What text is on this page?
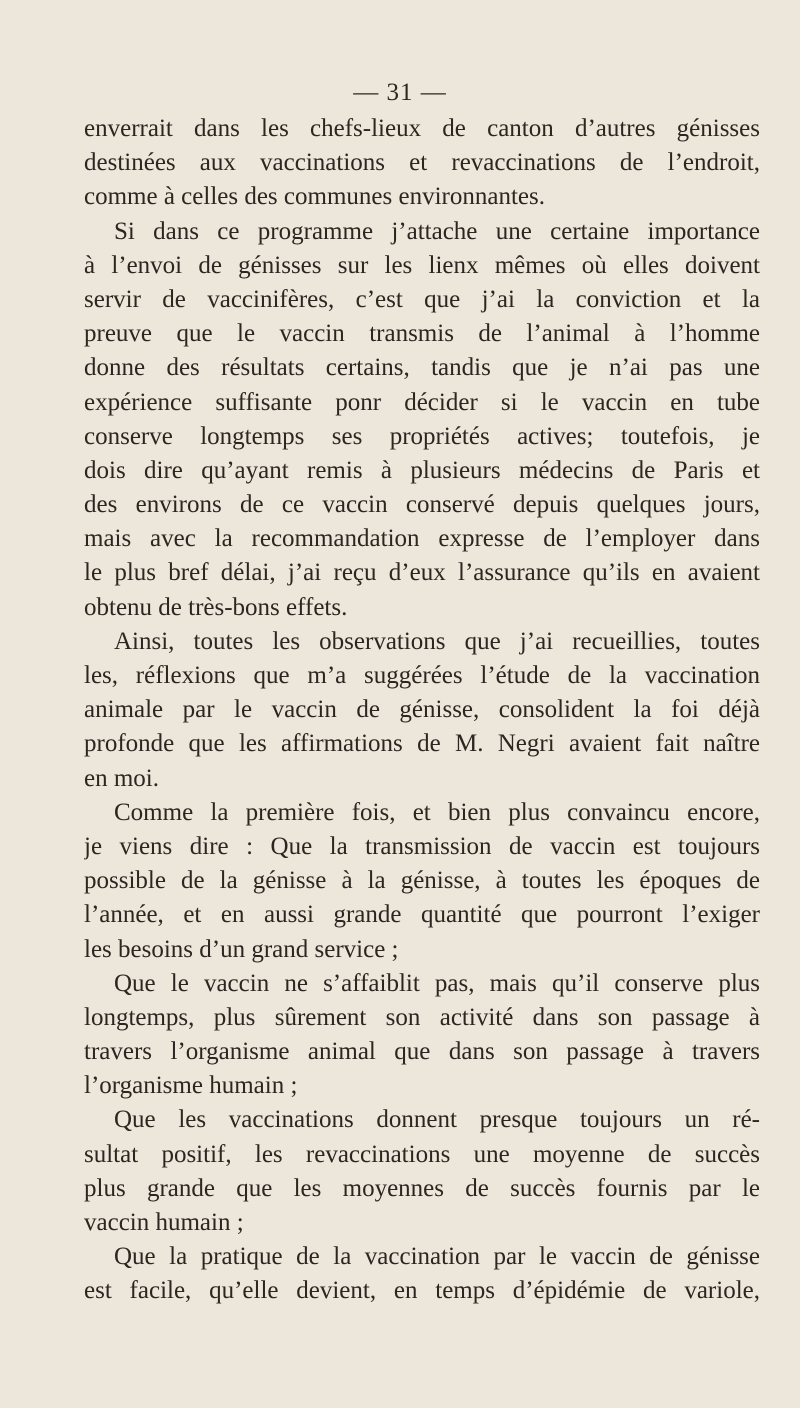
— 31 —
enverrait dans les chefs-lieux de canton d’autres génisses
destinées aux vaccinations et revaccinations de l’endroit,
comme à celles des communes environnantes.
Si dans ce programme j’attache une certaine importance
à l’envoi de génisses sur les lienx mêmes où elles doivent
servir de vaccinifères, c’est que j’ai la conviction et la
preuve que le vaccin transmis de l’animal à l’homme
donne des résultats certains, tandis que je n’ai pas une
expérience suffisante ponr décider si le vaccin en tube
conserve longtemps ses propriétés actives; toutefois, je
dois dire qu’ayant remis à plusieurs médecins de Paris et
des environs de ce vaccin conservé depuis quelques jours,
mais avec la recommandation expresse de l’employer dans
le plus bref délai, j’ai reçu d’eux l’assurance qu’ils en avaient
obtenu de très-bons effets.
Ainsi, toutes les observations que j’ai recueillies, toutes
les, réflexions que m’a suggérées l’étude de la vaccination
animale par le vaccin de génisse, consolident la foi déjà
profonde que les affirmations de M. Negri avaient fait naître
en moi.
Comme la première fois, et bien plus convaincu encore,
je viens dire : Que la transmission de vaccin est toujours
possible de la génisse à la génisse, à toutes les époques de
l’année, et en aussi grande quantité que pourront l’exiger
les besoins d’un grand service ;
Que le vaccin ne s’affaiblit pas, mais qu’il conserve plus
longtemps, plus sûrement son activité dans son passage à
travers l’organisme animal que dans son passage à travers
l’organisme humain ;
Que les vaccinations donnent presque toujours un ré-
sultat positif, les revaccinations une moyenne de succès
plus grande que les moyennes de succès fournis par le
vaccin humain ;
Que la pratique de la vaccination par le vaccin de génisse
est facile, qu’elle devient, en temps d’épidémie de variole,
